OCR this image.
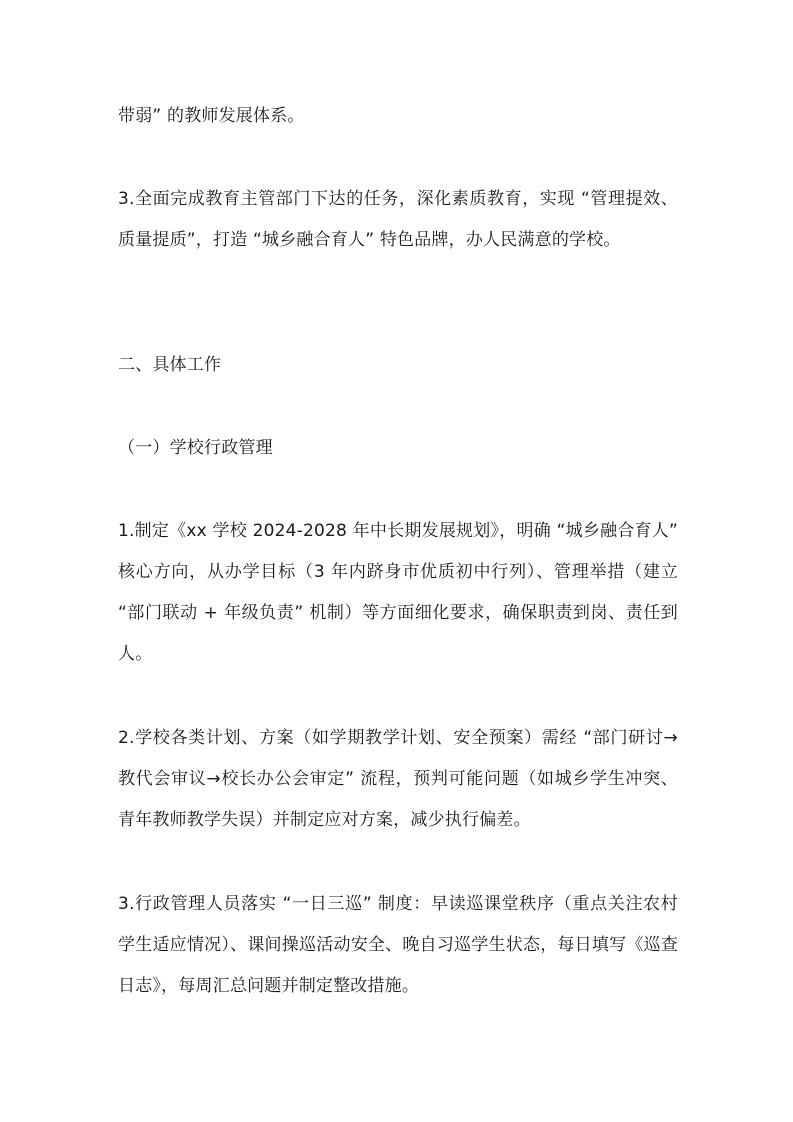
带弱” 的教师发展体系。

3.全面完成教育主管部门下达的任务，深化素质教育，实现 “管理提效、质量提质”，打造 “城乡融合育人” 特色品牌，办人民满意的学校。

二、具体工作

（一）学校行政管理

1.制定《xx 学校 2024-2028 年中长期发展规划》，明确 “城乡融合育人” 核心方向，从办学目标（3 年内跻身市优质初中行列）、管理举措（建立 “部门联动 + 年级负责” 机制）等方面细化要求，确保职责到岗、责任到人。

2.学校各类计划、方案（如学期教学计划、安全预案）需经 “部门研讨→教代会审议→校长办公会审定” 流程，预判可能问题（如城乡学生冲突、青年教师教学失误）并制定应对方案，减少执行偏差。

3.行政管理人员落实 “一日三巡” 制度：早读巡课堂秩序（重点关注农村学生适应情况）、课间操巡活动安全、晚自习巡学生状态，每日填写《巡查日志》，每周汇总问题并制定整改措施。
